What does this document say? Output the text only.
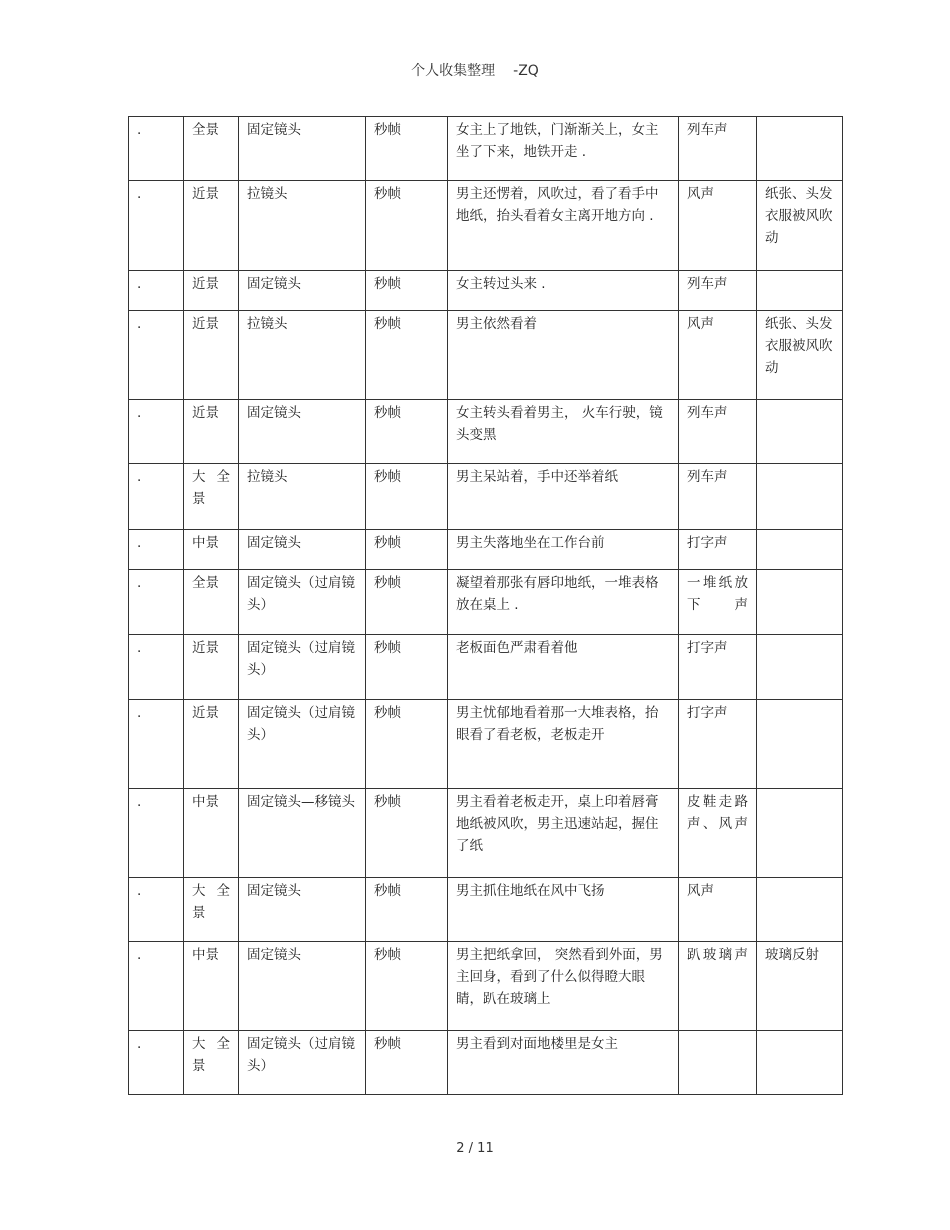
个人收集整理 -ZQ
.	全景	固定镜头	秒帧	女主上了地铁，门渐渐关上，女主坐了下来，地铁开走 .	列车声	
.	近景	拉镜头	秒帧	男主还愣着，风吹过，看了看手中地纸，抬头看着女主离开地方向 .	风声	纸张、头发衣服被风吹动
.	近景	固定镜头	秒帧	女主转过头来 .	列车声	
.	近景	拉镜头	秒帧	男主依然看着	风声	纸张、头发衣服被风吹动
.	近景	固定镜头	秒帧	女主转头看着男主， 火车行驶，镜头变黑	列车声	
.	大全景	拉镜头	秒帧	男主呆站着，手中还举着纸	列车声	
.	中景	固定镜头	秒帧	男主失落地坐在工作台前	打字声	
.	全景	固定镜头（过肩镜头）	秒帧	凝望着那张有唇印地纸，一堆表格放在桌上 .	一堆纸放下声	
.	近景	固定镜头（过肩镜头）	秒帧	老板面色严肃看着他	打字声	
.	近景	固定镜头（过肩镜头）	秒帧	男主忧郁地看着那一大堆表格，抬眼看了看老板，老板走开	打字声	
.	中景	固定镜头—移镜头	秒帧	男主看着老板走开，桌上印着唇膏地纸被风吹，男主迅速站起，握住了纸	皮鞋走路声、风声	
.	大全景	固定镜头	秒帧	男主抓住地纸在风中飞扬	风声	
.	中景	固定镜头	秒帧	男主把纸拿回， 突然看到外面，男主回身，看到了什么似得瞪大眼睛，趴在玻璃上	趴玻璃声	玻璃反射
.	大全景	固定镜头（过肩镜头）	秒帧	男主看到对面地楼里是女主		
2 / 11
